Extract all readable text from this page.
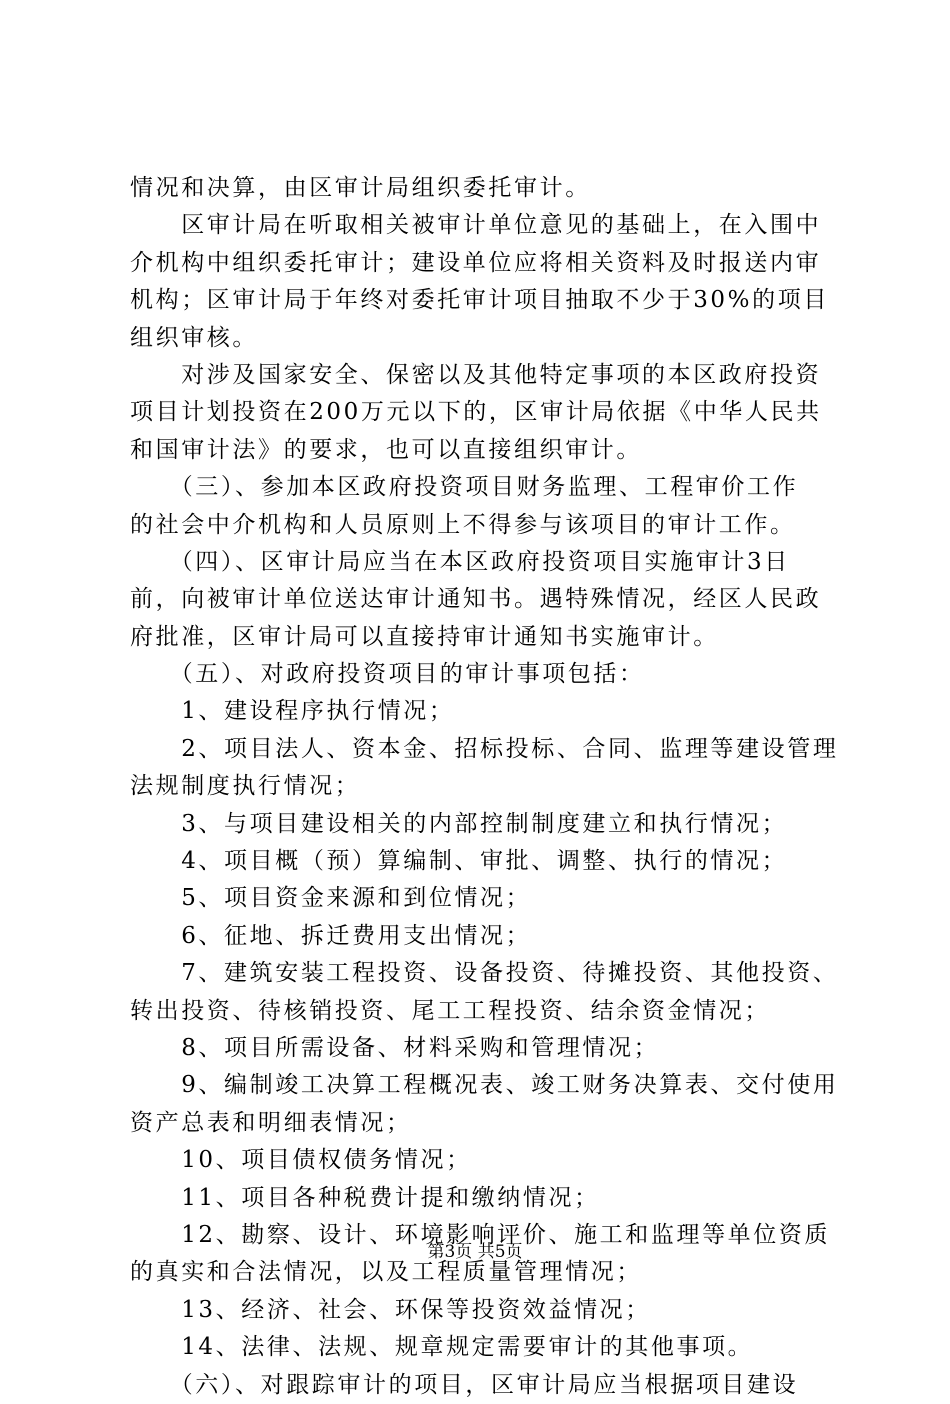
情况和决算，由区审计局组织委托审计。
　　区审计局在听取相关被审计单位意见的基础上，在入围中
介机构中组织委托审计；建设单位应将相关资料及时报送内审
机构；区审计局于年终对委托审计项目抽取不少于30%的项目
组织审核。
　　对涉及国家安全、保密以及其他特定事项的本区政府投资
项目计划投资在200万元以下的，区审计局依据《中华人民共
和国审计法》的要求，也可以直接组织审计。
　　（三）、参加本区政府投资项目财务监理、工程审价工作
的社会中介机构和人员原则上不得参与该项目的审计工作。
　　（四）、区审计局应当在本区政府投资项目实施审计3日
前，向被审计单位送达审计通知书。遇特殊情况，经区人民政
府批准，区审计局可以直接持审计通知书实施审计。
　　（五）、对政府投资项目的审计事项包括：
　　1、建设程序执行情况；
　　2、项目法人、资本金、招标投标、合同、监理等建设管理
法规制度执行情况；
　　3、与项目建设相关的内部控制制度建立和执行情况；
　　4、项目概（预）算编制、审批、调整、执行的情况；
　　5、项目资金来源和到位情况；
　　6、征地、拆迁费用支出情况；
　　7、建筑安装工程投资、设备投资、待摊投资、其他投资、
转出投资、待核销投资、尾工工程投资、结余资金情况；
　　8、项目所需设备、材料采购和管理情况；
　　9、编制竣工决算工程概况表、竣工财务决算表、交付使用
资产总表和明细表情况；
　　10、项目债权债务情况；
　　11、项目各种税费计提和缴纳情况；
　　12、勘察、设计、环境影响评价、施工和监理等单位资质
的真实和合法情况，以及工程质量管理情况；
　　13、经济、社会、环保等投资效益情况；
　　14、法律、法规、规章规定需要审计的其他事项。
　　（六）、对跟踪审计的项目，区审计局应当根据项目建设
第3页 共5页
